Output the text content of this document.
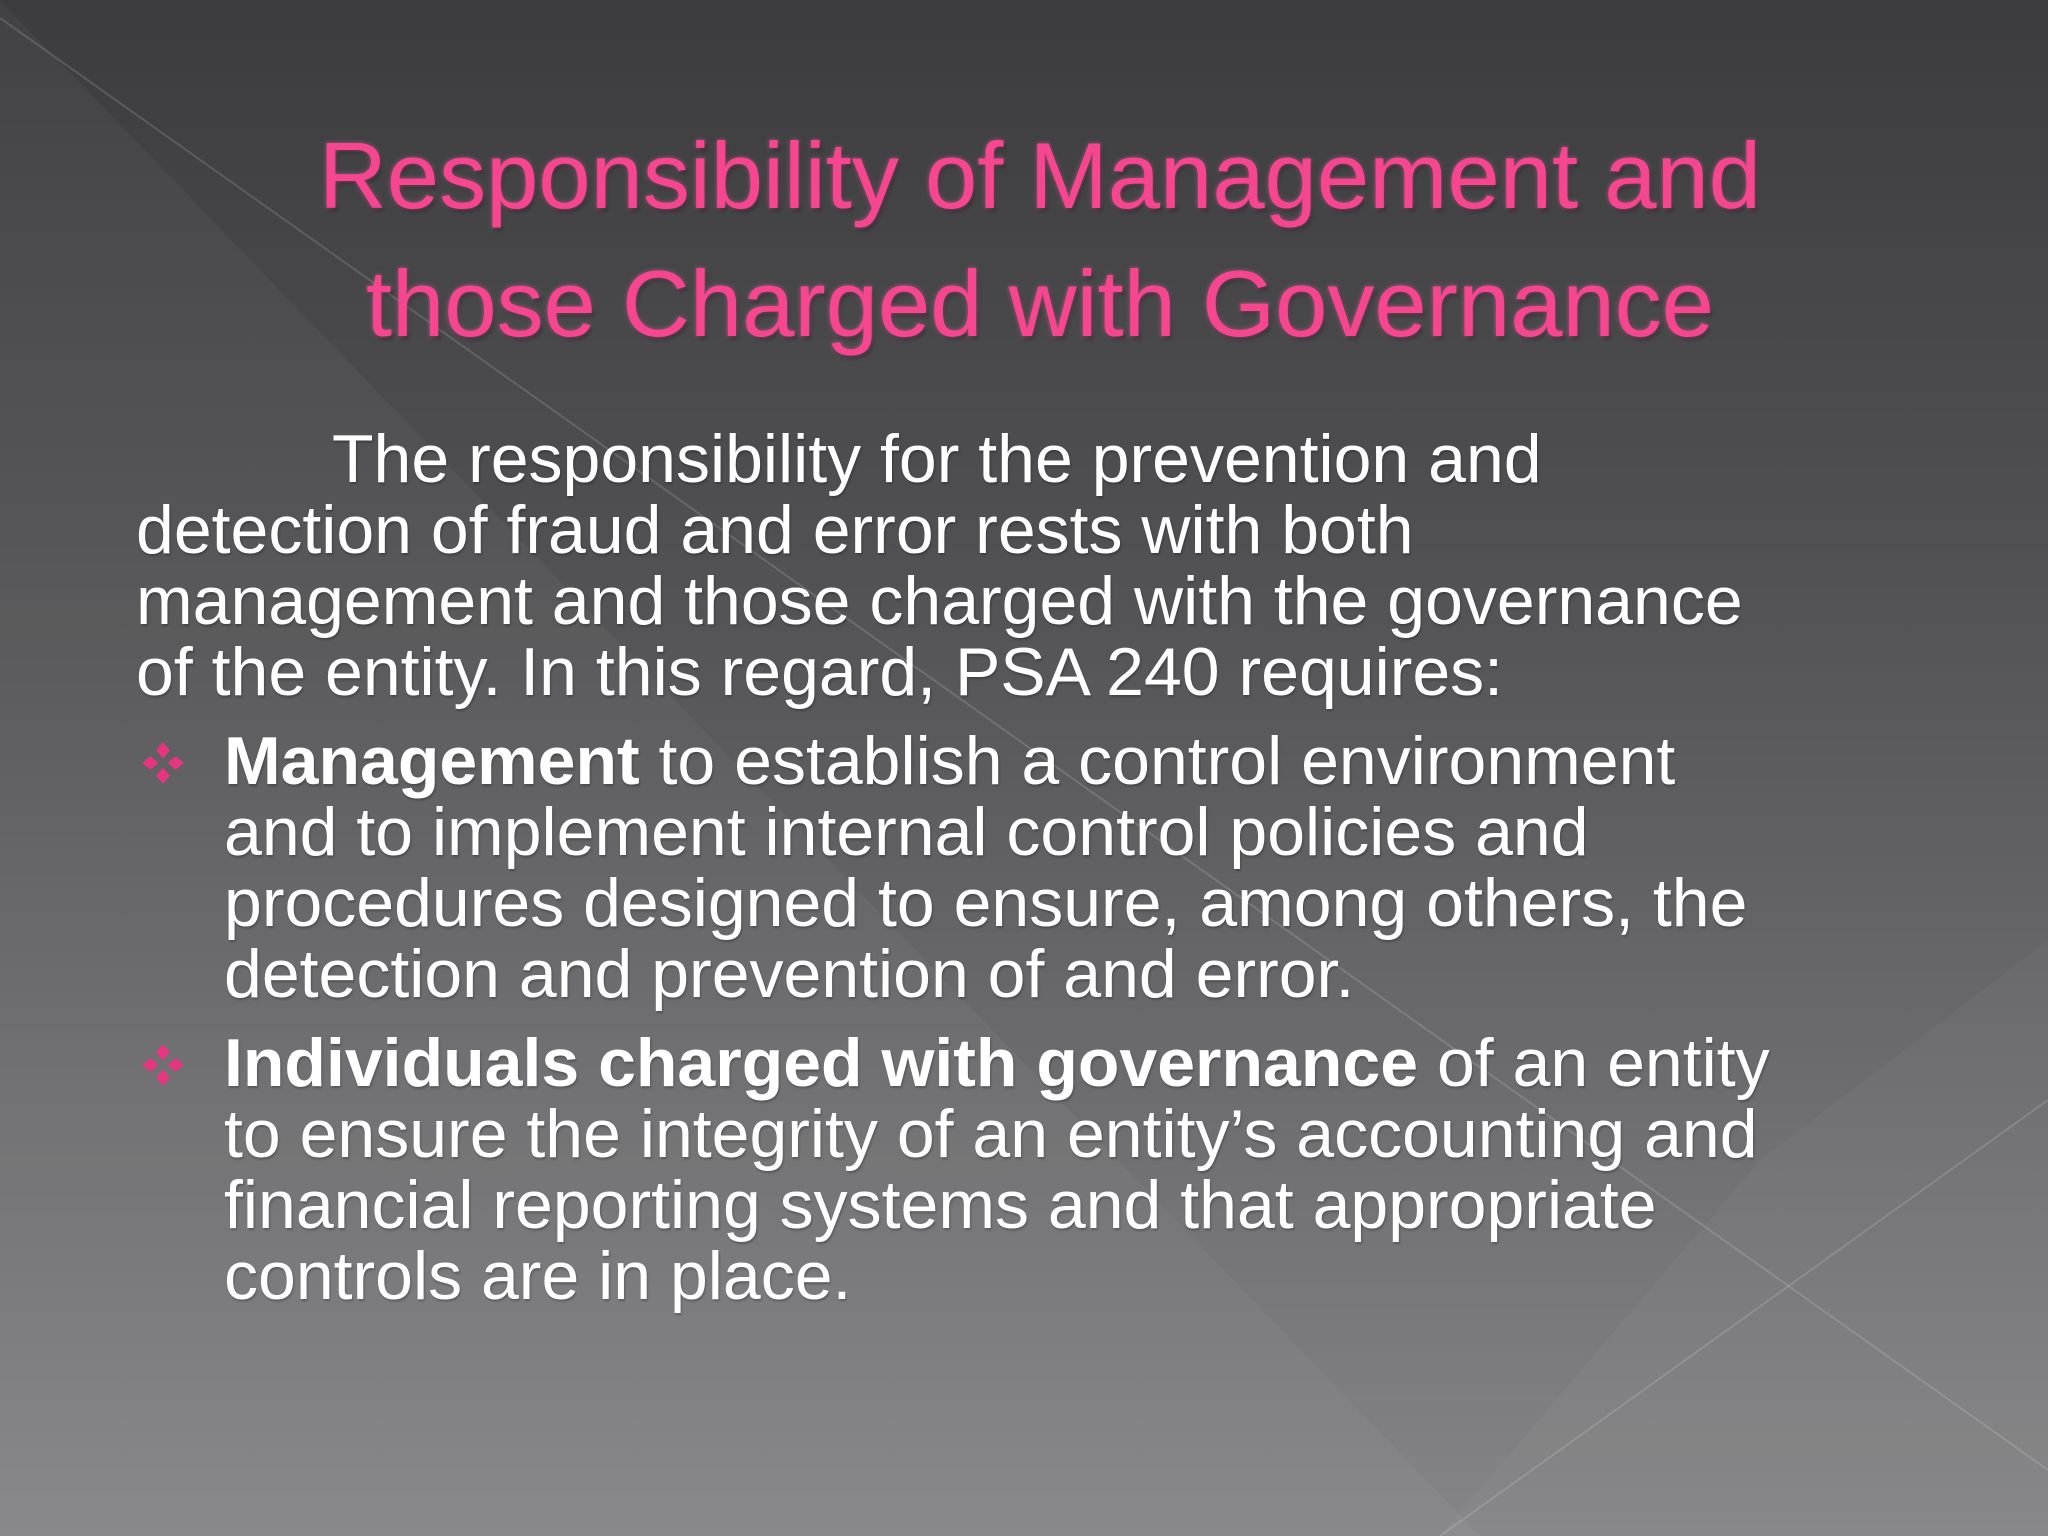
Responsibility of Management and
those Charged with Governance

The responsibility for the prevention and
detection of fraud and error rests with both
management and those charged with the governance
of the entity. In this regard, PSA 240 requires:

Management to establish a control environment
and to implement internal control policies and
procedures designed to ensure, among others, the
detection and prevention of and error.
Individuals charged with governance of an entity
to ensure the integrity of an entity’s accounting and
financial reporting systems and that appropriate
controls are in place.
